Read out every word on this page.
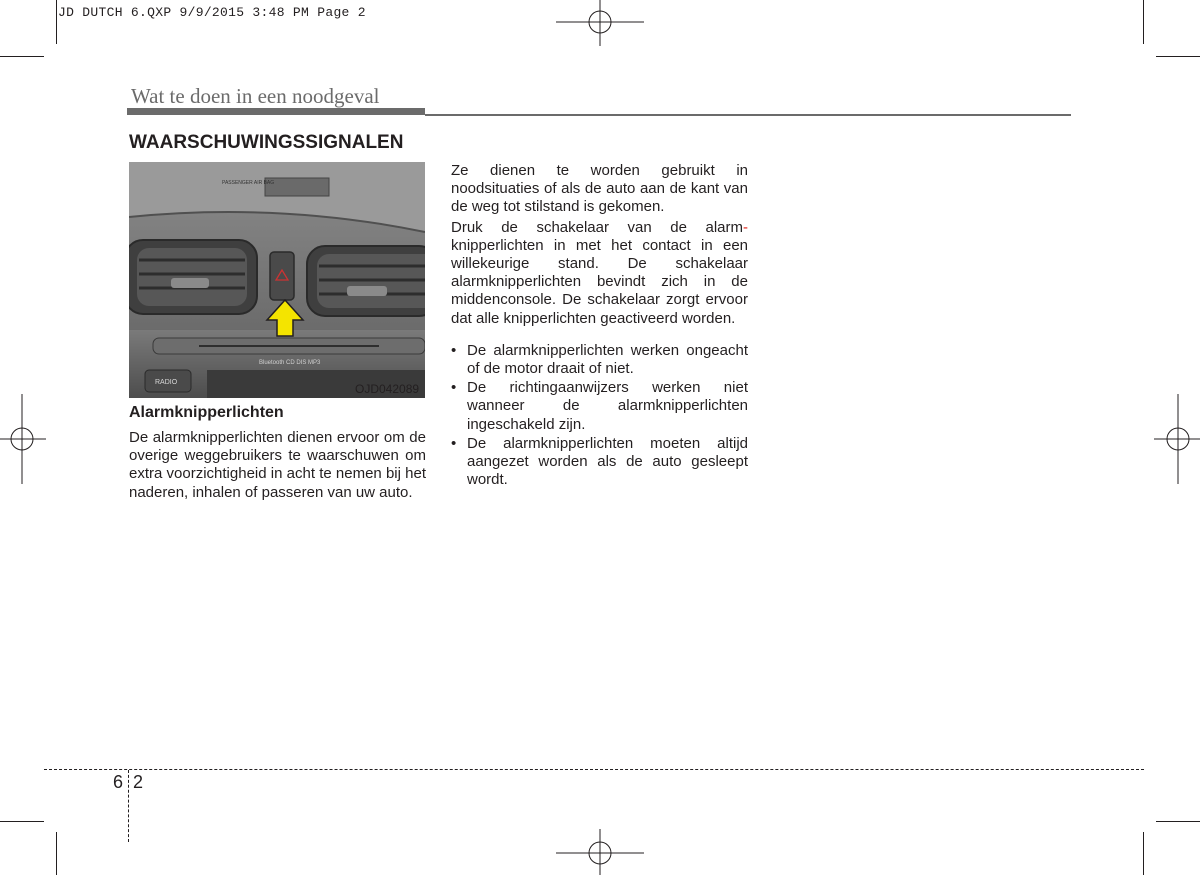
JD DUTCH 6.QXP 9/9/2015 3:48 PM Page 2
Wat te doen in een noodgeval
WAARSCHUWINGSSIGNALEN
PASSENGER AIR BAG
Bluetooth CD DIS MP3
RADIO	OJD042089
Alarmknipperlichten
De alarmknipperlichten dienen ervoor om de overige weggebruikers te waarschuwen om extra voorzichtigheid in acht te nemen bij het naderen, inhalen of passeren van uw auto.

Ze dienen te worden gebruikt in noodsituaties of als de auto aan de kant van de weg tot stilstand is gekomen.

Druk de schakelaar van de alarm- knipperlichten in met het contact in een willekeurige stand. De schakelaar alarmknipperlichten bevindt zich in de middenconsole. De schakelaar zorgt ervoor dat alle knipperlichten geactiveerd worden.

• De alarmknipperlichten werken ongeacht of de motor draait of niet.
• De richtingaanwijzers werken niet wanneer de alarmknipperlichten ingeschakeld zijn.
• De alarmknipperlichten moeten altijd aangezet worden als de auto gesleept wordt.
6 2
